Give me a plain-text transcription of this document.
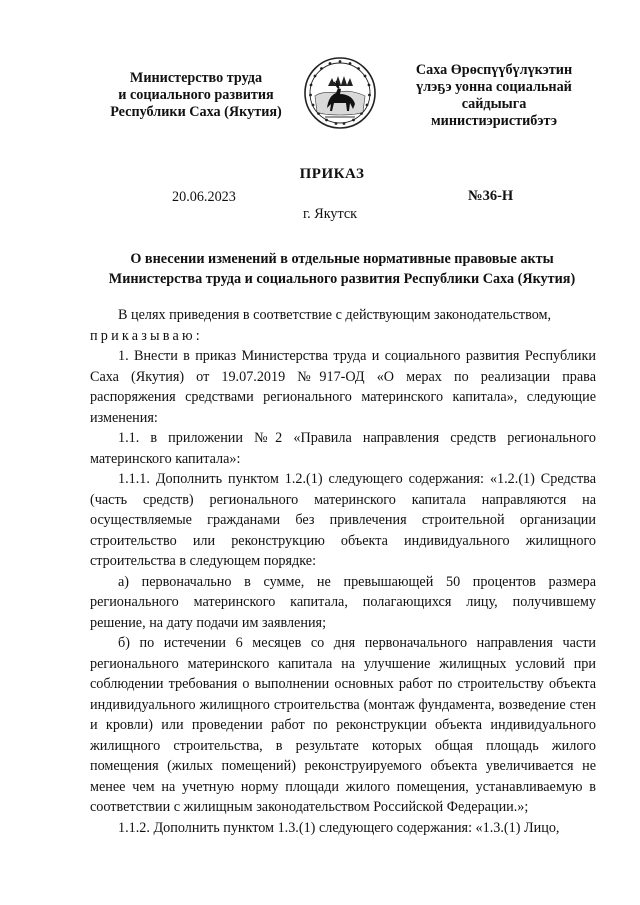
Министерство труда
и социального развития
Республики Саха (Якутия)
Саха Өрөспүүбүлүкэтин
үлэҕэ уонна социальнай
сайдыыга
министиэристибэтэ
ПРИКАЗ
20.06.2023	№36-Н
г. Якутск
О внесении изменений в отдельные нормативные правовые акты
Министерства труда и социального развития Республики Саха (Якутия)

В целях приведения в соответствие с действующим законодательством,

приказываю:

1. Внести в приказ Министерства труда и социального развития Республики Саха (Якутия) от 19.07.2019 №917-ОД «О мерах по реализации права распоряжения средствами регионального материнского капитала», следующие изменения:

1.1. в приложении №2 «Правила направления средств регионального материнского капитала»:

1.1.1. Дополнить пунктом 1.2.(1) следующего содержания: «1.2.(1) Средства (часть средств) регионального материнского капитала направляются на осуществляемые гражданами без привлечения строительной организации строительство или реконструкцию объекта индивидуального жилищного строительства в следующем порядке:

а) первоначально в сумме, не превышающей 50 процентов размера регионального материнского капитала, полагающихся лицу, получившему решение, на дату подачи им заявления;

б) по истечении 6 месяцев со дня первоначального направления части регионального материнского капитала на улучшение жилищных условий при соблюдении требования о выполнении основных работ по строительству объекта индивидуального жилищного строительства (монтаж фундамента, возведение стен и кровли) или проведении работ по реконструкции объекта индивидуального жилищного строительства, в результате которых общая площадь жилого помещения (жилых помещений) реконструируемого объекта увеличивается не менее чем на учетную норму площади жилого помещения, устанавливаемую в соответствии с жилищным законодательством Российской Федерации.»;

1.1.2. Дополнить пунктом 1.3.(1) следующего содержания: «1.3.(1) Лицо,
